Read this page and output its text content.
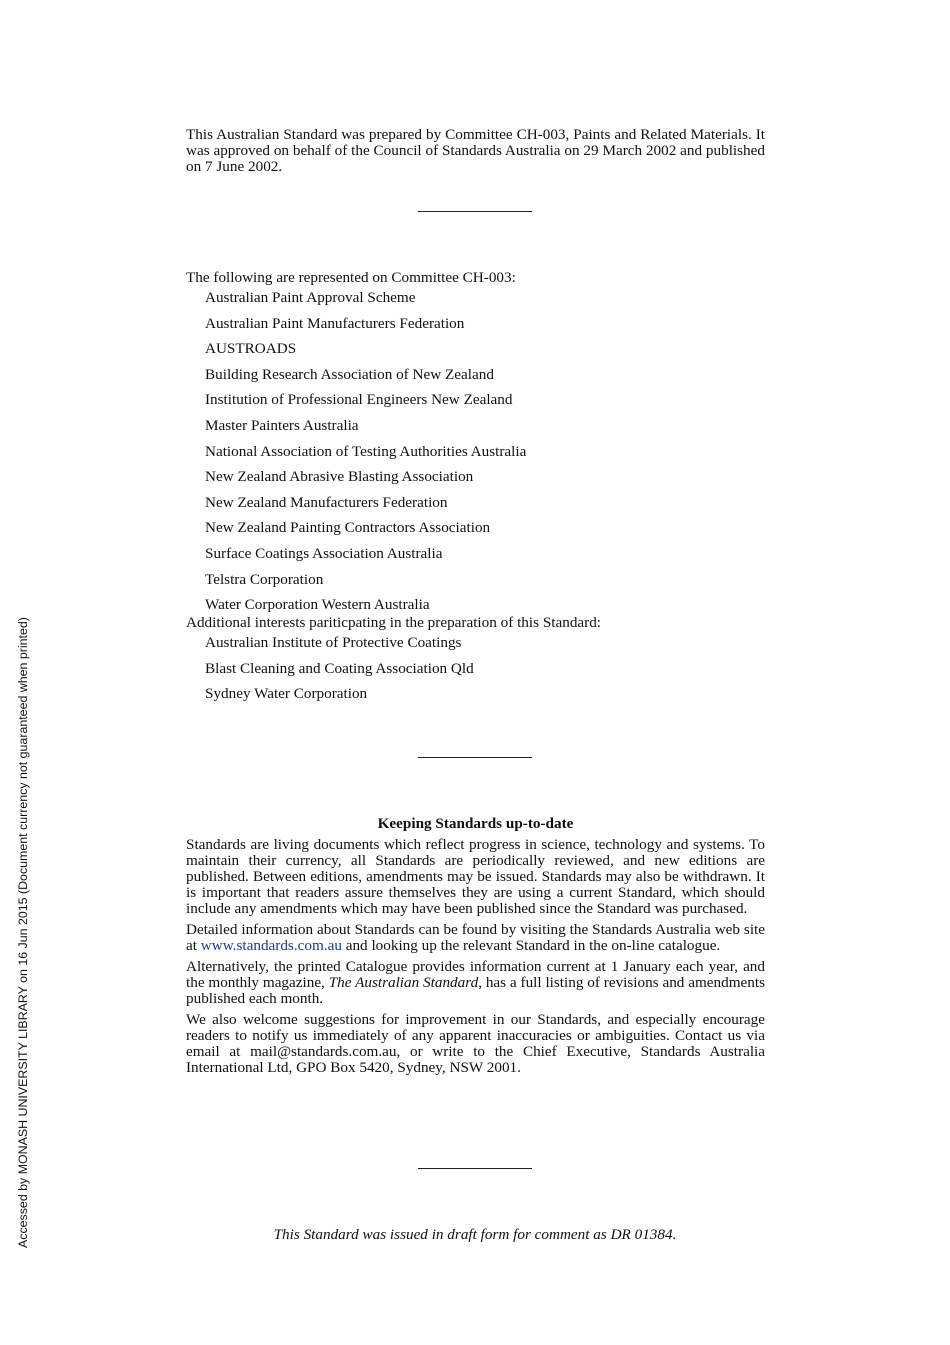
This Australian Standard was prepared by Committee CH-003, Paints and Related Materials. It was approved on behalf of the Council of Standards Australia on 29 March 2002 and published on 7 June 2002.

The following are represented on Committee CH-003:

Australian Paint Approval Scheme
Australian Paint Manufacturers Federation
AUSTROADS
Building Research Association of New Zealand
Institution of Professional Engineers New Zealand
Master Painters Australia
National Association of Testing Authorities Australia
New Zealand Abrasive Blasting Association
New Zealand Manufacturers Federation
New Zealand Painting Contractors Association
Surface Coatings Association Australia
Telstra Corporation
Water Corporation Western Australia

Additional interests pariticpating in the preparation of this Standard:

Australian Institute of Protective Coatings
Blast Cleaning and Coating Association Qld
Sydney Water Corporation
Keeping Standards up-to-date

Standards are living documents which reflect progress in science, technology and systems. To maintain their currency, all Standards are periodically reviewed, and new editions are published. Between editions, amendments may be issued. Standards may also be withdrawn. It is important that readers assure themselves they are using a current Standard, which should include any amendments which may have been published since the Standard was purchased.

Detailed information about Standards can be found by visiting the Standards Australia web site at www.standards.com.au and looking up the relevant Standard in the on-line catalogue.

Alternatively, the printed Catalogue provides information current at 1 January each year, and the monthly magazine, The Australian Standard, has a full listing of revisions and amendments published each month.

We also welcome suggestions for improvement in our Standards, and especially encourage readers to notify us immediately of any apparent inaccuracies or ambiguities. Contact us via email at mail@standards.com.au, or write to the Chief Executive, Standards Australia International Ltd, GPO Box 5420, Sydney, NSW 2001.

This Standard was issued in draft form for comment as DR 01384.
Accessed by MONASH UNIVERSITY LIBRARY on 16 Jun 2015 (Document currency not guaranteed when printed)
